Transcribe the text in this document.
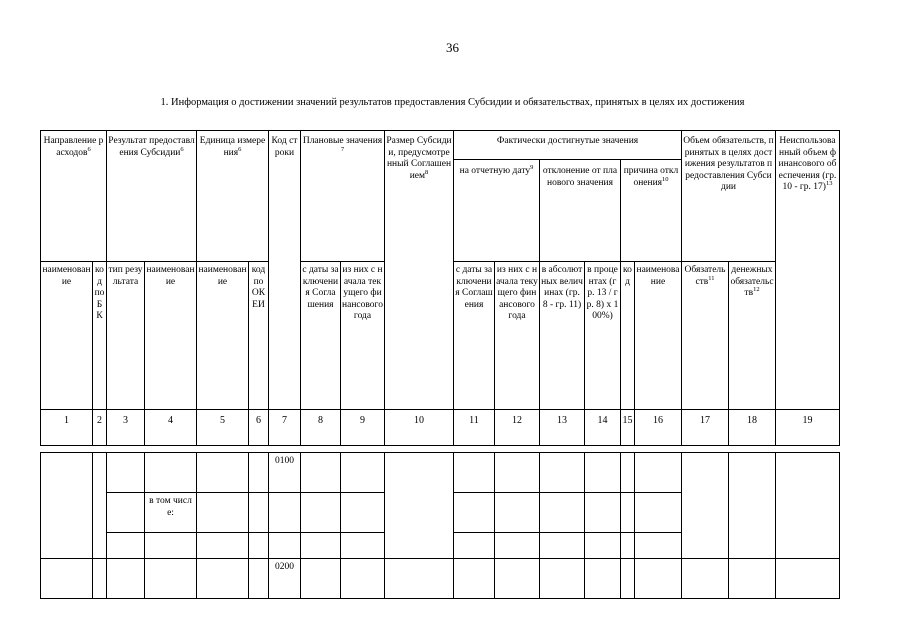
36
1. Информация о достижении значений результатов предоставления Субсидии и обязательствах, принятых в целях их достижения
Направление расходов$^6$		Результат предоставления Субсидии$^6$		Единица измерения$^6$		Код строки	Плановые значения$^7$		Размер Субсидии, предусмотренный Соглашением$^8$	Фактически достигнутые значения						Объем обязательств, принятых в целях достижения результатов предоставления Субсидии		Неиспользованный объем финансового обеспечения (гр. 10 - гр. 17)$^{13}$
										на отчетную дату$^9$		отклонение от планового значения		причина отклонения$^{10}$
наименование	код по БК	тип результата	наименование	наименование	код по ОКЕИ		с даты заключения Соглашения	из них с начала текущего финансового года		с даты заключения Соглашения	из них с начала текущего финансового года	в абсолютных величинах (гр. 8 - гр. 11)	в процентах (гр. 13 / гр. 8) x 100%)	код	наименование	Обязательств$^{11}$	денежных обязательств$^{12}$
1	2	3	4	5	6	7	8	9	10	11	12	13	14	15	16	17	18	19

						0100												
			в том числе:															

						0200												
